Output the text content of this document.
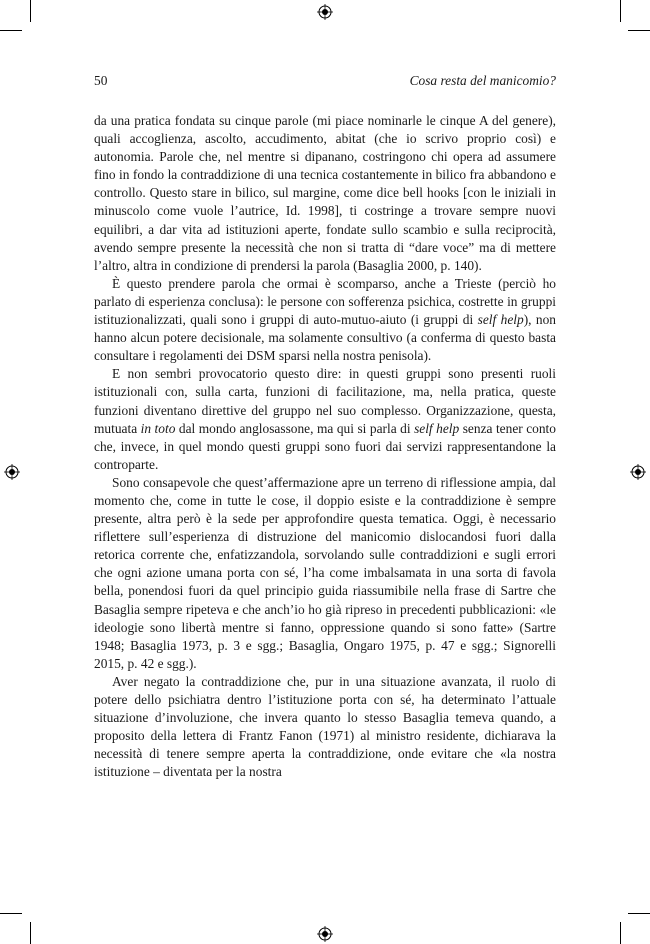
50	Cosa resta del manicomio?

da una pratica fondata su cinque parole (mi piace nominarle le cinque A del genere), quali accoglienza, ascolto, accudimento, abitat (che io scrivo proprio così) e autonomia. Parole che, nel mentre si dipanano, costringono chi opera ad assumere fino in fondo la contraddizione di una tecnica costantemente in bilico fra abbandono e controllo. Questo stare in bilico, sul margine, come dice bell hooks [con le iniziali in minuscolo come vuole l’autrice, Id. 1998], ti costringe a trovare sempre nuovi equilibri, a dar vita ad istituzioni aperte, fondate sullo scambio e sulla reciprocità, avendo sempre presente la necessità che non si tratta di “dare voce” ma di mettere l’altro, altra in condizione di prendersi la parola (Basaglia 2000, p. 140).

È questo prendere parola che ormai è scomparso, anche a Trieste (perciò ho parlato di esperienza conclusa): le persone con sofferenza psichica, costrette in gruppi istituzionalizzati, quali sono i gruppi di auto-mutuo-aiuto (i gruppi di self help), non hanno alcun potere decisionale, ma solamente consultivo (a conferma di questo basta consultare i regolamenti dei DSM sparsi nella nostra penisola).

E non sembri provocatorio questo dire: in questi gruppi sono presenti ruoli istituzionali con, sulla carta, funzioni di facilitazione, ma, nella pratica, queste funzioni diventano direttive del gruppo nel suo complesso. Organizzazione, questa, mutuata in toto dal mondo anglosassone, ma qui si parla di self help senza tener conto che, invece, in quel mondo questi gruppi sono fuori dai servizi rappresentandone la controparte.

Sono consapevole che quest’affermazione apre un terreno di riflessione ampia, dal momento che, come in tutte le cose, il doppio esiste e la contraddizione è sempre presente, altra però è la sede per approfondire questa tematica. Oggi, è necessario riflettere sull’esperienza di distruzione del manicomio dislocandosi fuori dalla retorica corrente che, enfatizzandola, sorvolando sulle contraddizioni e sugli errori che ogni azione umana porta con sé, l’ha come imbalsamata in una sorta di favola bella, ponendosi fuori da quel principio guida riassumibile nella frase di Sartre che Basaglia sempre ripeteva e che anch’io ho già ripreso in precedenti pubblicazioni: «le ideologie sono libertà mentre si fanno, oppressione quando si sono fatte» (Sartre 1948; Basaglia 1973, p. 3 e sgg.; Basaglia, Ongaro 1975, p. 47 e sgg.; Signorelli 2015, p. 42 e sgg.).

Aver negato la contraddizione che, pur in una situazione avanzata, il ruolo di potere dello psichiatra dentro l’istituzione porta con sé, ha determinato l’attuale situazione d’involuzione, che invera quanto lo stesso Basaglia temeva quando, a proposito della lettera di Frantz Fanon (1971) al ministro residente, dichiarava la necessità di tenere sempre aperta la contraddizione, onde evitare che «la nostra istituzione – diventata per la nostra
